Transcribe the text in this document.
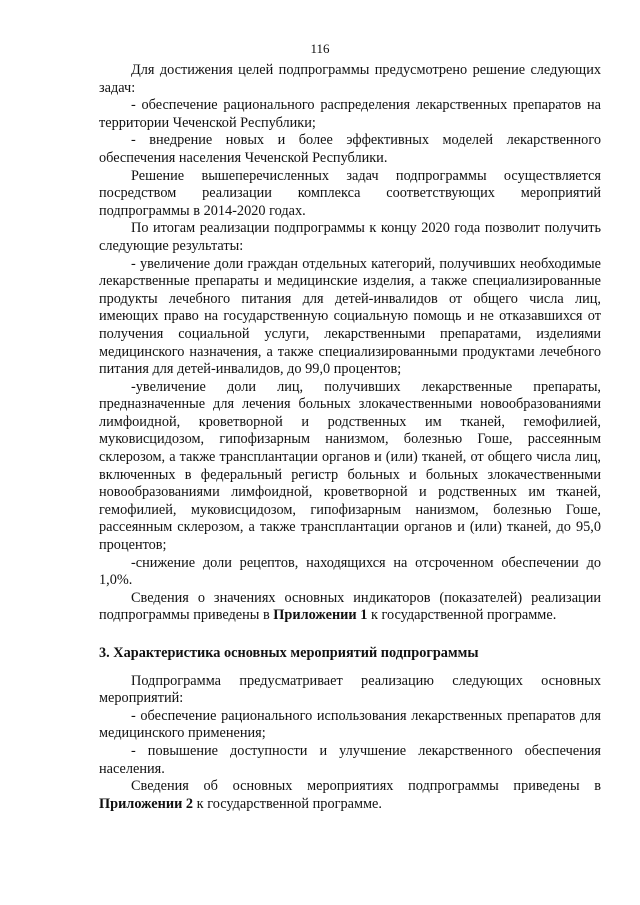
116

Для достижения целей подпрограммы предусмотрено решение следующих задач:

- обеспечение рационального распределения лекарственных препаратов на территории Чеченской Республики;

- внедрение новых и более эффективных моделей лекарственного обеспечения населения Чеченской Республики.

Решение вышеперечисленных задач подпрограммы осуществляется посредством реализации комплекса соответствующих мероприятий подпрограммы в 2014-2020 годах.

По итогам реализации подпрограммы к концу 2020 года позволит получить следующие результаты:

- увеличение доли граждан отдельных категорий, получивших необходимые лекарственные препараты и медицинские изделия, а также специализированные продукты лечебного питания для детей-инвалидов от общего числа лиц, имеющих право на государственную социальную помощь и не отказавшихся от получения социальной услуги, лекарственными препаратами, изделиями медицинского назначения, а также специализированными продуктами лечебного питания для детей-инвалидов, до 99,0 процентов;

-увеличение доли лиц, получивших лекарственные препараты, предназначенные для лечения больных злокачественными новообразованиями лимфоидной, кроветворной и родственных им тканей, гемофилией, муковисцидозом, гипофизарным нанизмом, болезнью Гоше, рассеянным склерозом, а также трансплантации органов и (или) тканей, от общего числа лиц, включенных в федеральный регистр больных и больных злокачественными новообразованиями лимфоидной, кроветворной и родственных им тканей, гемофилией, муковисцидозом, гипофизарным нанизмом, болезнью Гоше, рассеянным склерозом, а также трансплантации органов и (или) тканей, до 95,0 процентов;

-снижение доли рецептов, находящихся на отсроченном обеспечении до 1,0%.

Сведения о значениях основных индикаторов (показателей) реализации подпрограммы приведены в Приложении 1 к государственной программе.

3. Характеристика основных мероприятий подпрограммы

Подпрограмма предусматривает реализацию следующих основных мероприятий:

- обеспечение рационального использования лекарственных препаратов для медицинского применения;

- повышение доступности и улучшение лекарственного обеспечения населения.

Сведения об основных мероприятиях подпрограммы приведены в Приложении 2 к государственной программе.
